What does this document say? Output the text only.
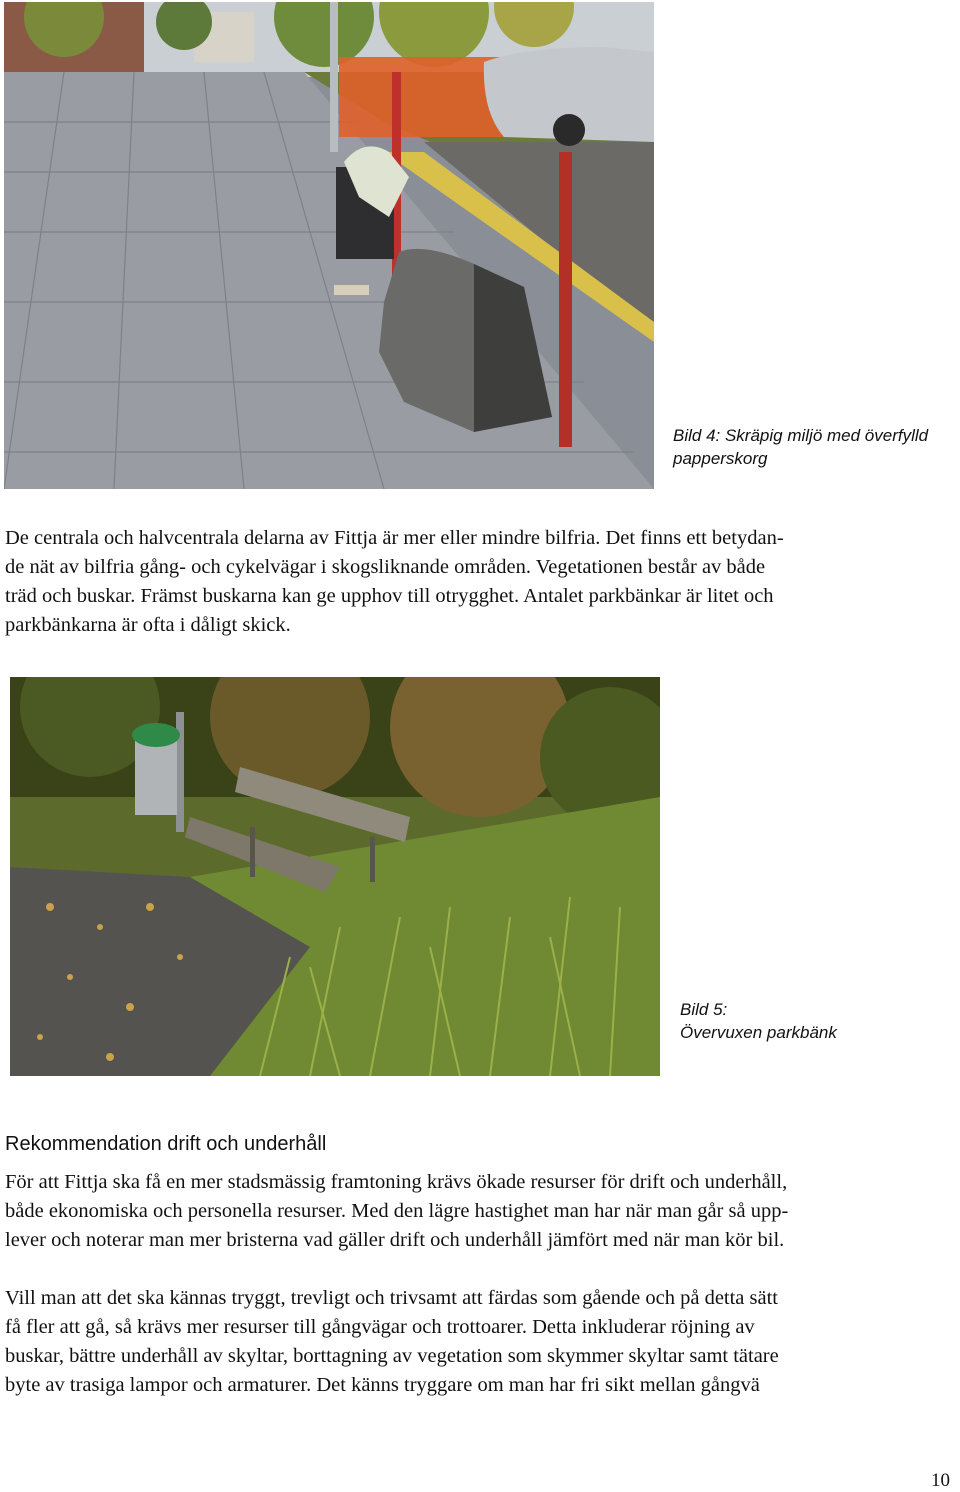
Bild 4: Skräpig miljö med överfylld
papperskorg

De centrala och halvcentrala delarna av Fittja är mer eller mindre bilfria. Det finns ett betydan-
de nät av bilfria gång- och cykelvägar i skogsliknande områden. Vegetationen består av både
träd och buskar. Främst buskarna kan ge upphov till otrygghet. Antalet parkbänkar är litet och
parkbänkarna är ofta i dåligt skick.

Bild 5:
Övervuxen parkbänk
Rekommendation drift och underhåll

För att Fittja ska få en mer stadsmässig framtoning krävs ökade resurser för drift och underhåll,
både ekonomiska och personella resurser. Med den lägre hastighet man har när man går så upp-
lever och noterar man mer bristerna vad gäller drift och underhåll jämfört med när man kör bil.

Vill man att det ska kännas tryggt, trevligt och trivsamt att färdas som gående och på detta sätt
få fler att gå, så krävs mer resurser till gångvägar och trottoarer. Detta inkluderar röjning av
buskar, bättre underhåll av skyltar, borttagning av vegetation som skymmer skyltar samt tätare
byte av trasiga lampor och armaturer. Det känns tryggare om man har fri sikt mellan gångvä

10
